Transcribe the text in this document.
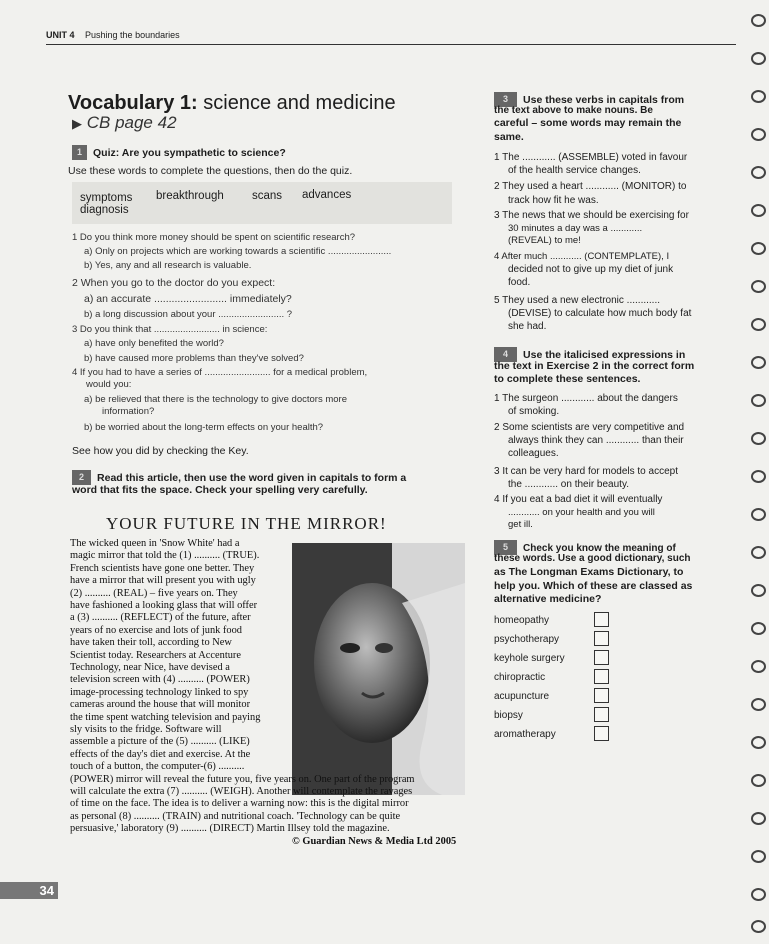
UNIT 4 Pushing the boundaries
Vocabulary 1: science and medicine
▶ CB page 42
1 Quiz: Are you sympathetic to science?
Use these words to complete the questions, then do the quiz.
symptoms breakthrough scans advances
diagnosis
1 Do you think more money should be spent on scientific research?
a) Only on projects which are working towards a scientific ........................
b) Yes, any and all research is valuable.
2 When you go to the doctor do you expect:
a) an accurate ......................... immediately?
b) a long discussion about your ......................... ?
3 Do you think that ......................... in science:
a) have only benefited the world?
b) have caused more problems than they've solved?
4 If you had to have a series of ......................... for a medical problem,
would you:
a) be relieved that there is the technology to give doctors more
information?
b) be worried about the long-term effects on your health?
See how you did by checking the Key.
2 Read this article, then use the word given in capitals to form a
word that fits the space. Check your spelling very carefully.
YOUR FUTURE IN THE MIRROR!
The wicked queen in 'Snow White' had a
magic mirror that told the (1) .......... (TRUE).
French scientists have gone one better. They
have a mirror that will present you with ugly
(2) .......... (REAL) – five years on. They
have fashioned a looking glass that will offer
a (3) .......... (REFLECT) of the future, after
years of no exercise and lots of junk food
have taken their toll, according to New
Scientist today. Researchers at Accenture
Technology, near Nice, have devised a
television screen with (4) .......... (POWER)
image-processing technology linked to spy
cameras around the house that will monitor
the time spent watching television and paying
sly visits to the fridge. Software will
assemble a picture of the (5) .......... (LIKE)
effects of the day's diet and exercise. At the
touch of a button, the computer-(6) ..........
(POWER) mirror will reveal the future you, five years on. One part of the program
will calculate the extra (7) .......... (WEIGH). Another will contemplate the ravages
of time on the face. The idea is to deliver a warning now: this is the digital mirror
as personal (8) .......... (TRAIN) and nutritional coach. 'Technology can be quite
persuasive,' laboratory (9) .......... (DIRECT) Martin Illsey told the magazine.
© Guardian News & Media Ltd 2005
3 Use these verbs in capitals from
the text above to make nouns. Be
careful – some words may remain the
same.
1 The ............ (ASSEMBLE) voted in favour
of the health service changes.
2 They used a heart ............ (MONITOR) to
track how fit he was.
3 The news that we should be exercising for
30 minutes a day was a ............
(REVEAL) to me!
4 After much ............ (CONTEMPLATE), I
decided not to give up my diet of junk
food.
5 They used a new electronic ............
(DEVISE) to calculate how much body fat
she had.
4 Use the italicised expressions in
the text in Exercise 2 in the correct form
to complete these sentences.
1 The surgeon ............ about the dangers
of smoking.
2 Some scientists are very competitive and
always think they can ............ than their
colleagues.
3 It can be very hard for models to accept
the ............ on their beauty.
4 If you eat a bad diet it will eventually
............ on your health and you will
get ill.
5 Check you know the meaning of
these words. Use a good dictionary, such
as The Longman Exams Dictionary, to
help you. Which of these are classed as
alternative medicine?
homeopathy
psychotherapy
keyhole surgery
chiropractic
acupuncture
biopsy
aromatherapy
34
